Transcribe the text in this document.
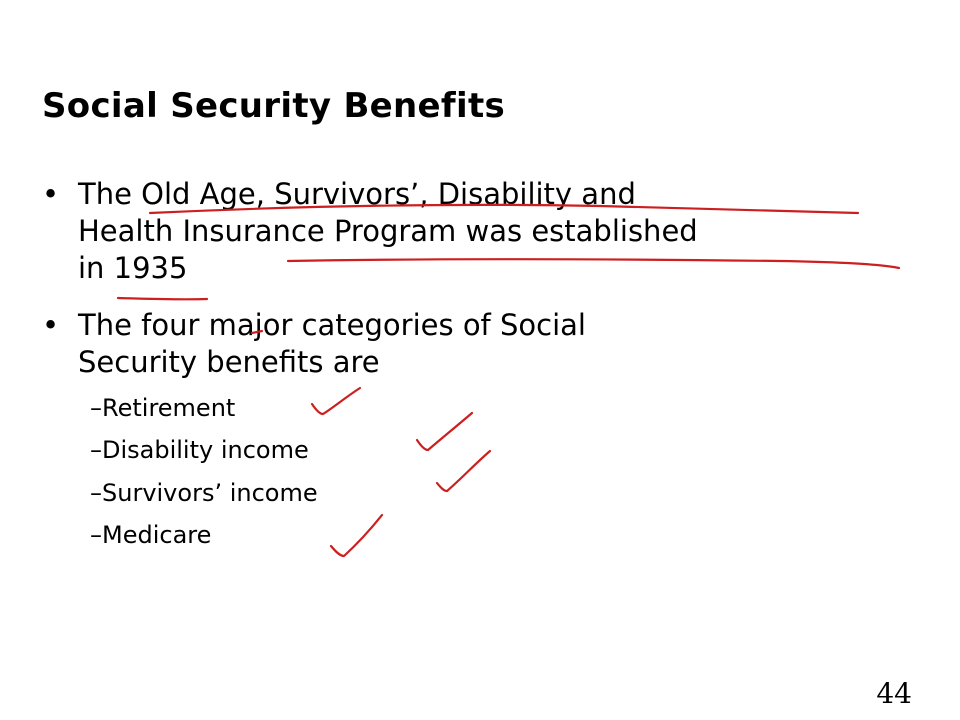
Social Security Benefits
• The Old Age, Survivors’, Disability and
Health Insurance Program was established
in 1935
• The four major categories of Social
Security benefits are
–Retirement
–Disability income
–Survivors’ income
–Medicare
44
